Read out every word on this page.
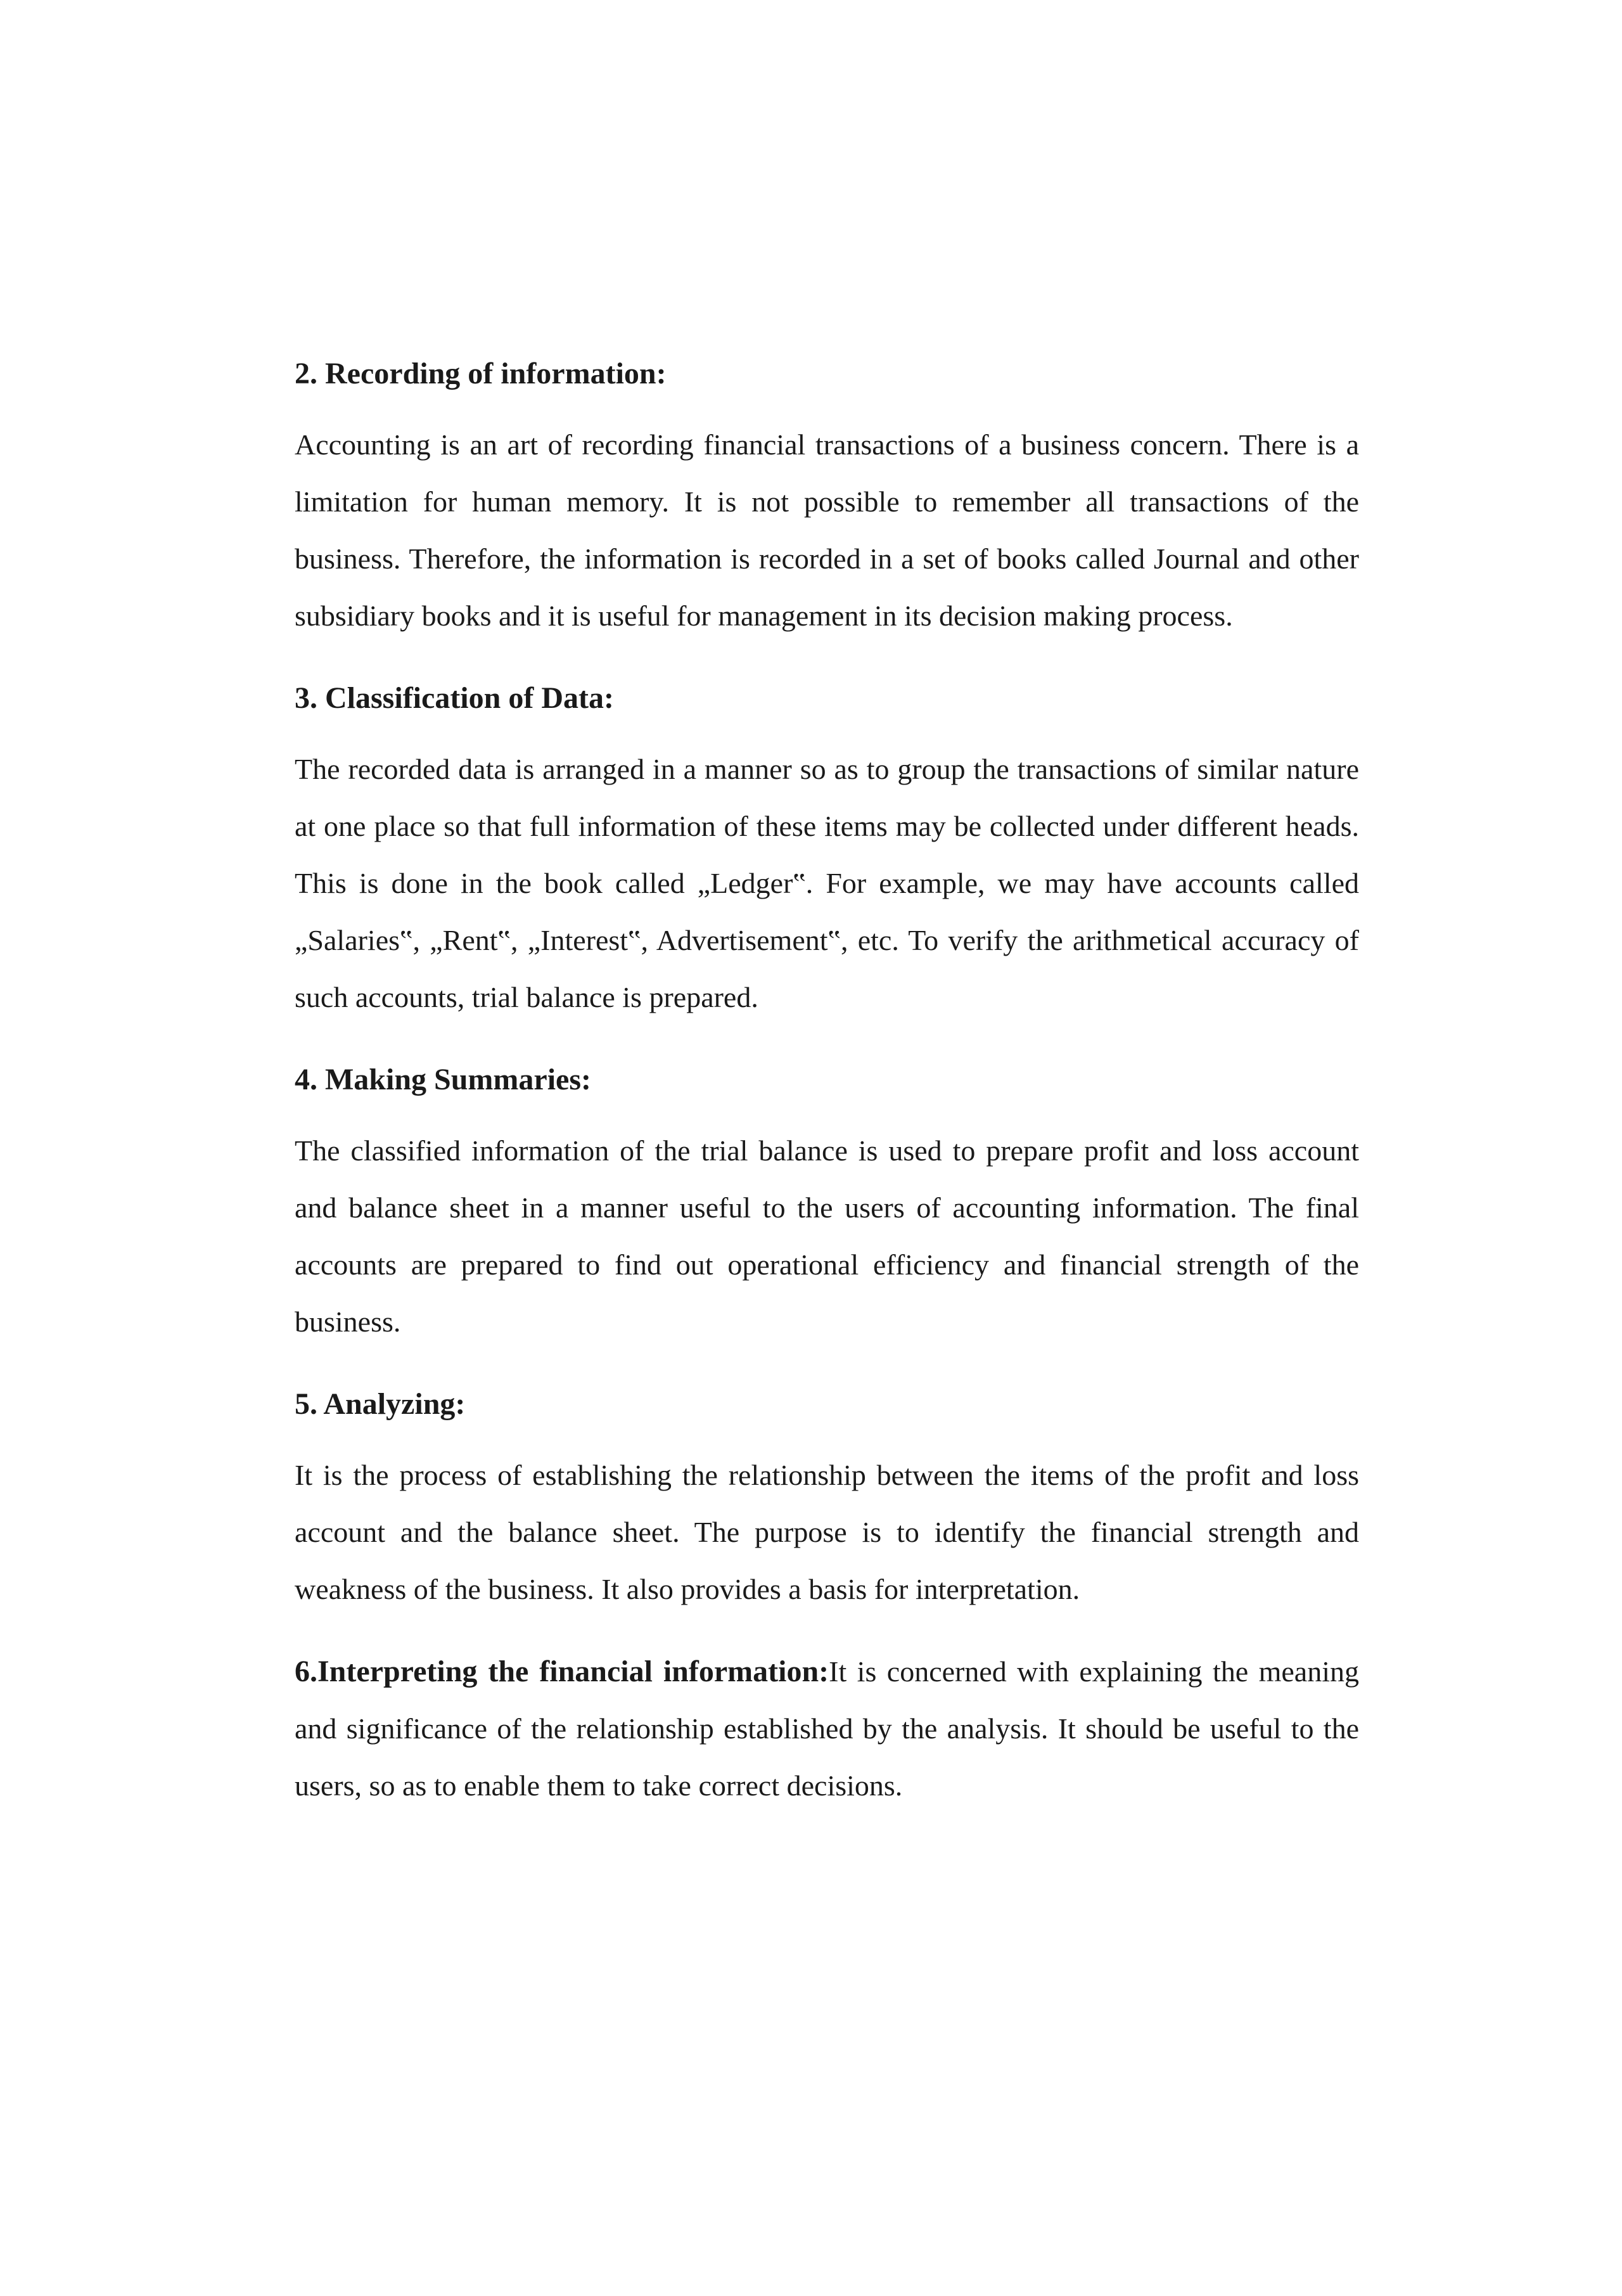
2. Recording of information:

Accounting is an art of recording financial transactions of a business concern. There is a limitation for human memory. It is not possible to remember all transactions of the business. Therefore, the information is recorded in a set of books called Journal and other subsidiary books and it is useful for management in its decision making process.

3. Classification of Data:

The recorded data is arranged in a manner so as to group the transactions of similar nature at one place so that full information of these items may be collected under different heads. This is done in the book called „Ledger‟. For example, we may have accounts called „Salaries‟, „Rent‟, „Interest‟, Advertisement‟, etc. To verify the arithmetical accuracy of such accounts, trial balance is prepared.

4. Making Summaries:

The classified information of the trial balance is used to prepare profit and loss account and balance sheet in a manner useful to the users of accounting information. The final accounts are prepared to find out operational efficiency and financial strength of the business.

5. Analyzing:

It is the process of establishing the relationship between the items of the profit and loss account and the balance sheet. The purpose is to identify the financial strength and weakness of the business. It also provides a basis for interpretation.

6.Interpreting the financial information:It is concerned with explaining the meaning and significance of the relationship established by the analysis. It should be useful to the users, so as to enable them to take correct decisions.
